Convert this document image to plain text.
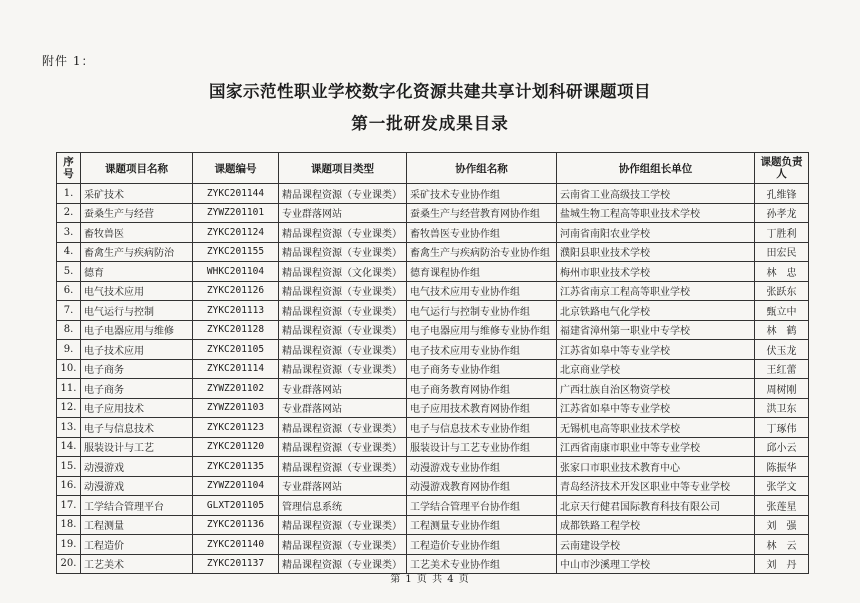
附件 1：
国家示范性职业学校数字化资源共建共享计划科研课题项目
第一批研发成果目录
序号	课题项目名称	课题编号	课题项目类型	协作组名称	协作组组长单位	课题负责人
1.	采矿技术	ZYKC201144	精品课程资源（专业课类）	采矿技术专业协作组	云南省工业高级技工学校	孔维锋
2.	蚕桑生产与经营	ZYWZ201101	专业群落网站	蚕桑生产与经营教育网协作组	盐城生物工程高等职业技术学校	孙孝龙
3.	畜牧兽医	ZYKC201124	精品课程资源（专业课类）	畜牧兽医专业协作组	河南省南阳农业学校	丁胜利
4.	畜禽生产与疾病防治	ZYKC201155	精品课程资源（专业课类）	畜禽生产与疾病防治专业协作组	濮阳县职业技术学校	田宏民
5.	德育	WHKC201104	精品课程资源（文化课类）	德育课程协作组	梅州市职业技术学校	林　忠
6.	电气技术应用	ZYKC201126	精品课程资源（专业课类）	电气技术应用专业协作组	江苏省南京工程高等职业学校	张跃东
7.	电气运行与控制	ZYKC201113	精品课程资源（专业课类）	电气运行与控制专业协作组	北京铁路电气化学校	甄立中
8.	电子电器应用与维修	ZYKC201128	精品课程资源（专业课类）	电子电器应用与维修专业协作组	福建省漳州第一职业中专学校	林　鹤
9.	电子技术应用	ZYKC201105	精品课程资源（专业课类）	电子技术应用专业协作组	江苏省如皋中等专业学校	伏玉龙
10.	电子商务	ZYKC201114	精品课程资源（专业课类）	电子商务专业协作组	北京商业学校	王红蕾
11.	电子商务	ZYWZ201102	专业群落网站	电子商务教育网协作组	广西壮族自治区物资学校	周树刚
12.	电子应用技术	ZYWZ201103	专业群落网站	电子应用技术教育网协作组	江苏省如皋中等专业学校	洪卫东
13.	电子与信息技术	ZYKC201123	精品课程资源（专业课类）	电子与信息技术专业协作组	无锡机电高等职业技术学校	丁琢伟
14.	服装设计与工艺	ZYKC201120	精品课程资源（专业课类）	服装设计与工艺专业协作组	江西省南康市职业中等专业学校	邱小云
15.	动漫游戏	ZYKC201135	精品课程资源（专业课类）	动漫游戏专业协作组	张家口市职业技术教育中心	陈振华
16.	动漫游戏	ZYWZ201104	专业群落网站	动漫游戏教育网协作组	青岛经济技术开发区职业中等专业学校	张学文
17.	工学结合管理平台	GLXT201105	管理信息系统	工学结合管理平台协作组	北京天行健君国际教育科技有限公司	张莲星
18.	工程测量	ZYKC201136	精品课程资源（专业课类）	工程测量专业协作组	成都铁路工程学校	刘　强
19.	工程造价	ZYKC201140	精品课程资源（专业课类）	工程造价专业协作组	云南建设学校	林　云
20.	工艺美术	ZYKC201137	精品课程资源（专业课类）	工艺美术专业协作组	中山市沙溪理工学校	刘　丹
第 1 页 共 4 页
